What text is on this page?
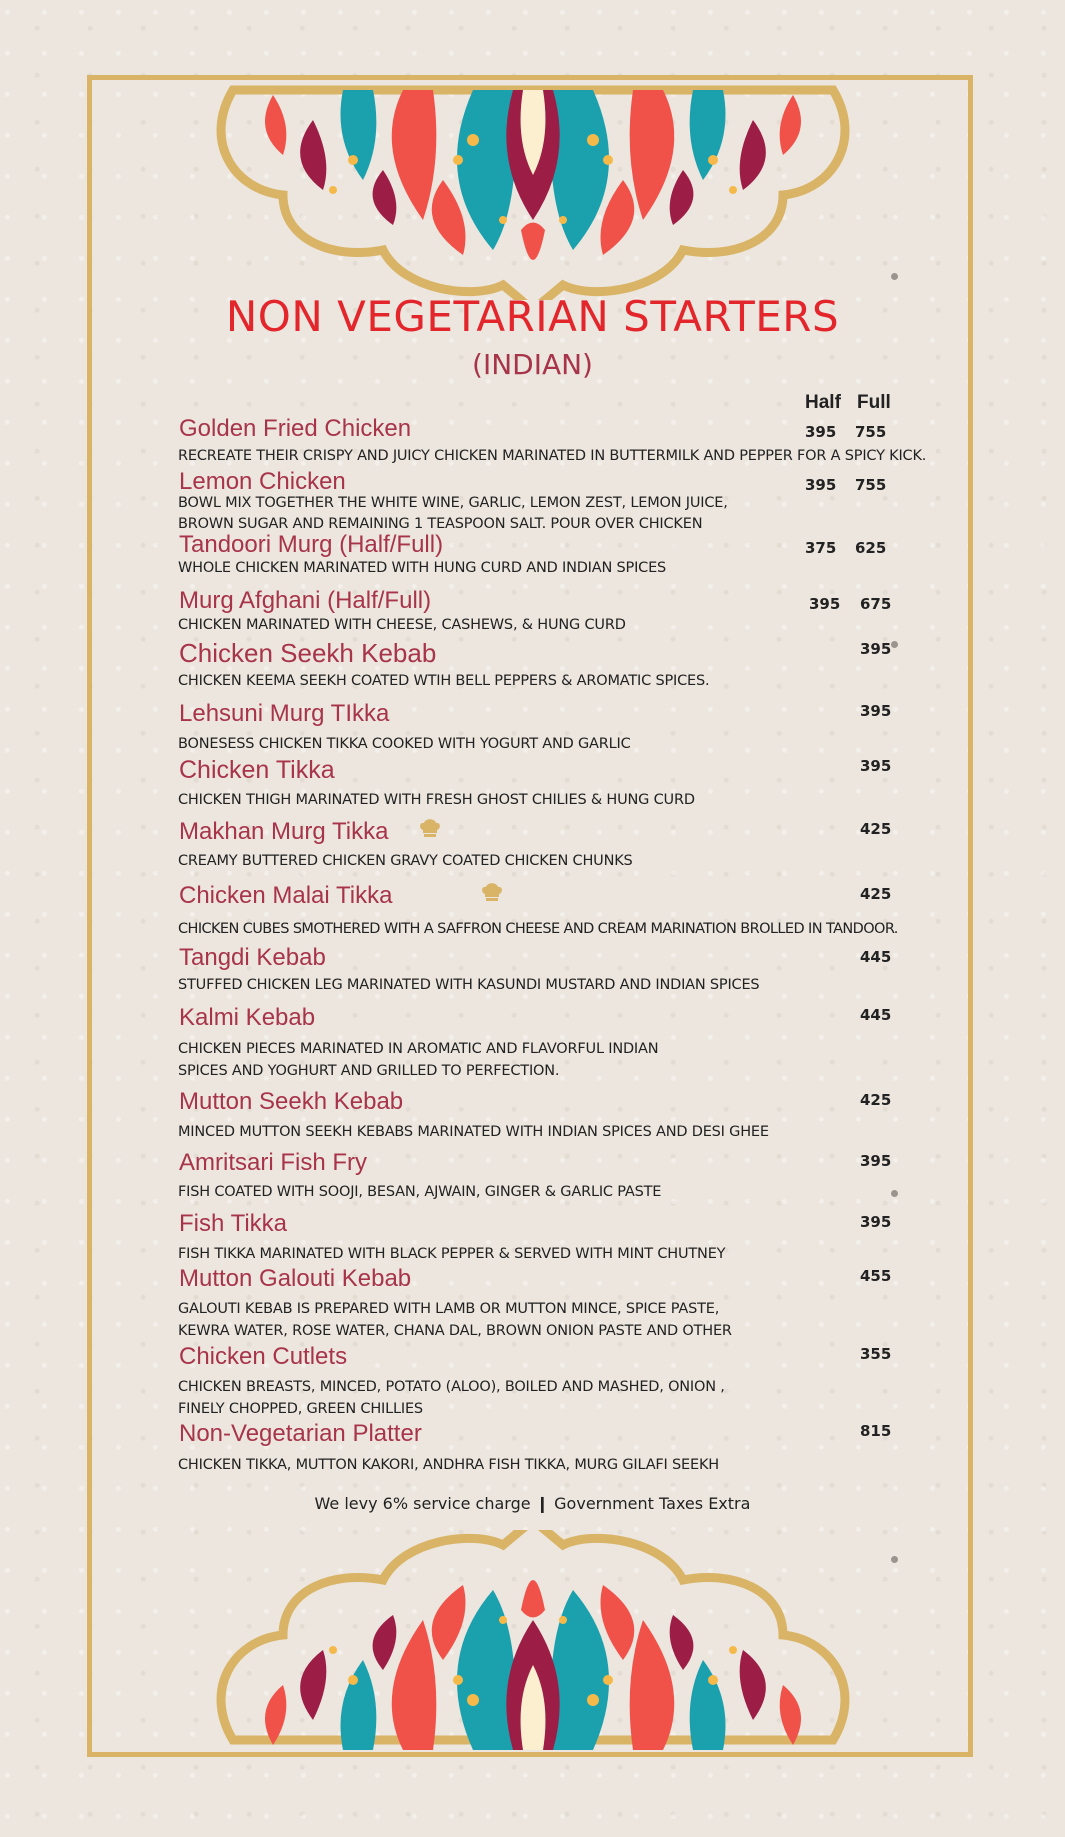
NON VEGETARIAN STARTERS
(INDIAN)
Half Full
Golden Fried Chicken	395 755
RECREATE THEIR CRISPY AND JUICY CHICKEN MARINATED IN BUTTERMILK AND PEPPER FOR A SPICY KICK.
Lemon Chicken	395 755
BOWL MIX TOGETHER THE WHITE WINE, GARLIC, LEMON ZEST, LEMON JUICE,
BROWN SUGAR AND REMAINING 1 TEASPOON SALT. POUR OVER CHICKEN
Tandoori Murg (Half/Full)	375 625
WHOLE CHICKEN MARINATED WITH HUNG CURD AND INDIAN SPICES
Murg Afghani (Half/Full)	395 675
CHICKEN MARINATED WITH CHEESE, CASHEWS, & HUNG CURD
Chicken Seekh Kebab	395
CHICKEN KEEMA SEEKH COATED WTIH BELL PEPPERS & AROMATIC SPICES.
Lehsuni Murg TIkka	395
BONESESS CHICKEN TIKKA COOKED WITH YOGURT AND GARLIC
Chicken Tikka	395
CHICKEN THIGH MARINATED WITH FRESH GHOST CHILIES & HUNG CURD
Makhan Murg Tikka	425
CREAMY BUTTERED CHICKEN GRAVY COATED CHICKEN CHUNKS
Chicken Malai Tikka	425
CHICKEN CUBES SMOTHERED WITH A SAFFRON CHEESE AND CREAM MARINATION BROLLED IN TANDOOR.
Tangdi Kebab	445
STUFFED CHICKEN LEG MARINATED WITH KASUNDI MUSTARD AND INDIAN SPICES
Kalmi Kebab	445
CHICKEN PIECES MARINATED IN AROMATIC AND FLAVORFUL INDIAN
SPICES AND YOGHURT AND GRILLED TO PERFECTION.
Mutton Seekh Kebab	425
MINCED MUTTON SEEKH KEBABS MARINATED WITH INDIAN SPICES AND DESI GHEE
Amritsari Fish Fry	395
FISH COATED WITH SOOJI, BESAN, AJWAIN, GINGER & GARLIC PASTE
Fish Tikka	395
FISH TIKKA MARINATED WITH BLACK PEPPER & SERVED WITH MINT CHUTNEY
Mutton Galouti Kebab	455
GALOUTI KEBAB IS PREPARED WITH LAMB OR MUTTON MINCE, SPICE PASTE,
KEWRA WATER, ROSE WATER, CHANA DAL, BROWN ONION PASTE AND OTHER
Chicken Cutlets	355
CHICKEN BREASTS, MINCED, POTATO (ALOO), BOILED AND MASHED, ONION ,
FINELY CHOPPED, GREEN CHILLIES
Non-Vegetarian Platter	815
CHICKEN TIKKA, MUTTON KAKORI, ANDHRA FISH TIKKA, MURG GILAFI SEEKH
We levy 6% service charge ❙ Government Taxes Extra
